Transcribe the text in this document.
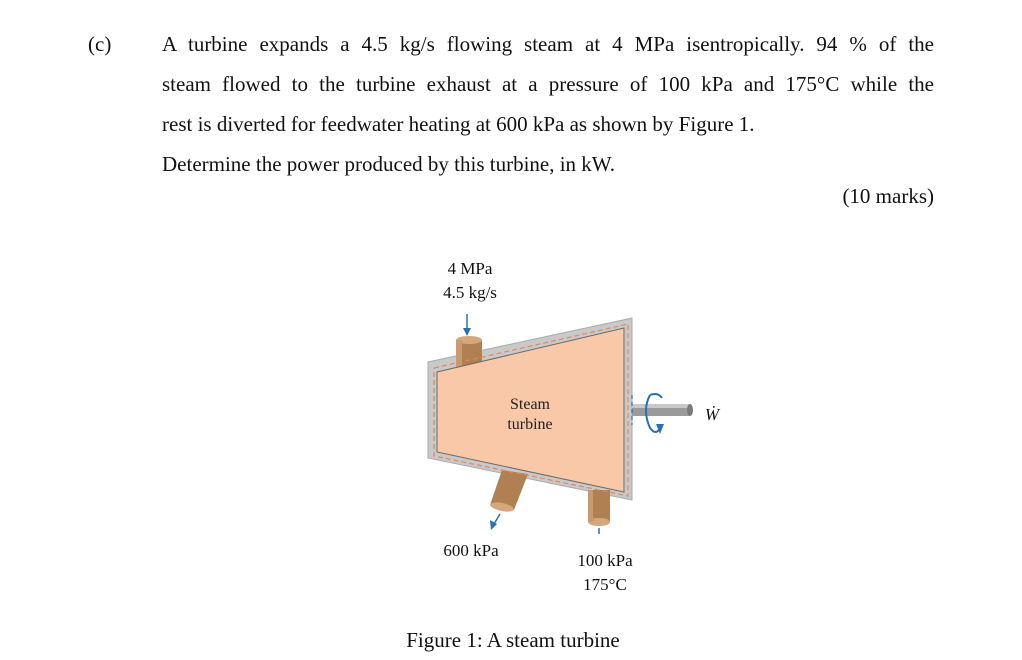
(c) A turbine expands a 4.5 kg/s flowing steam at 4 MPa isentropically. 94 % of the
steam flowed to the turbine exhaust at a pressure of 100 kPa and 175°C while the
rest is diverted for feedwater heating at 600 kPa as shown by Figure 1.
Determine the power produced by this turbine, in kW.
(10 marks)
4 MPa
4.5 kg/s
Steam
turbine
Ẇ
600 kPa
100 kPa
175°C
Figure 1: A steam turbine
